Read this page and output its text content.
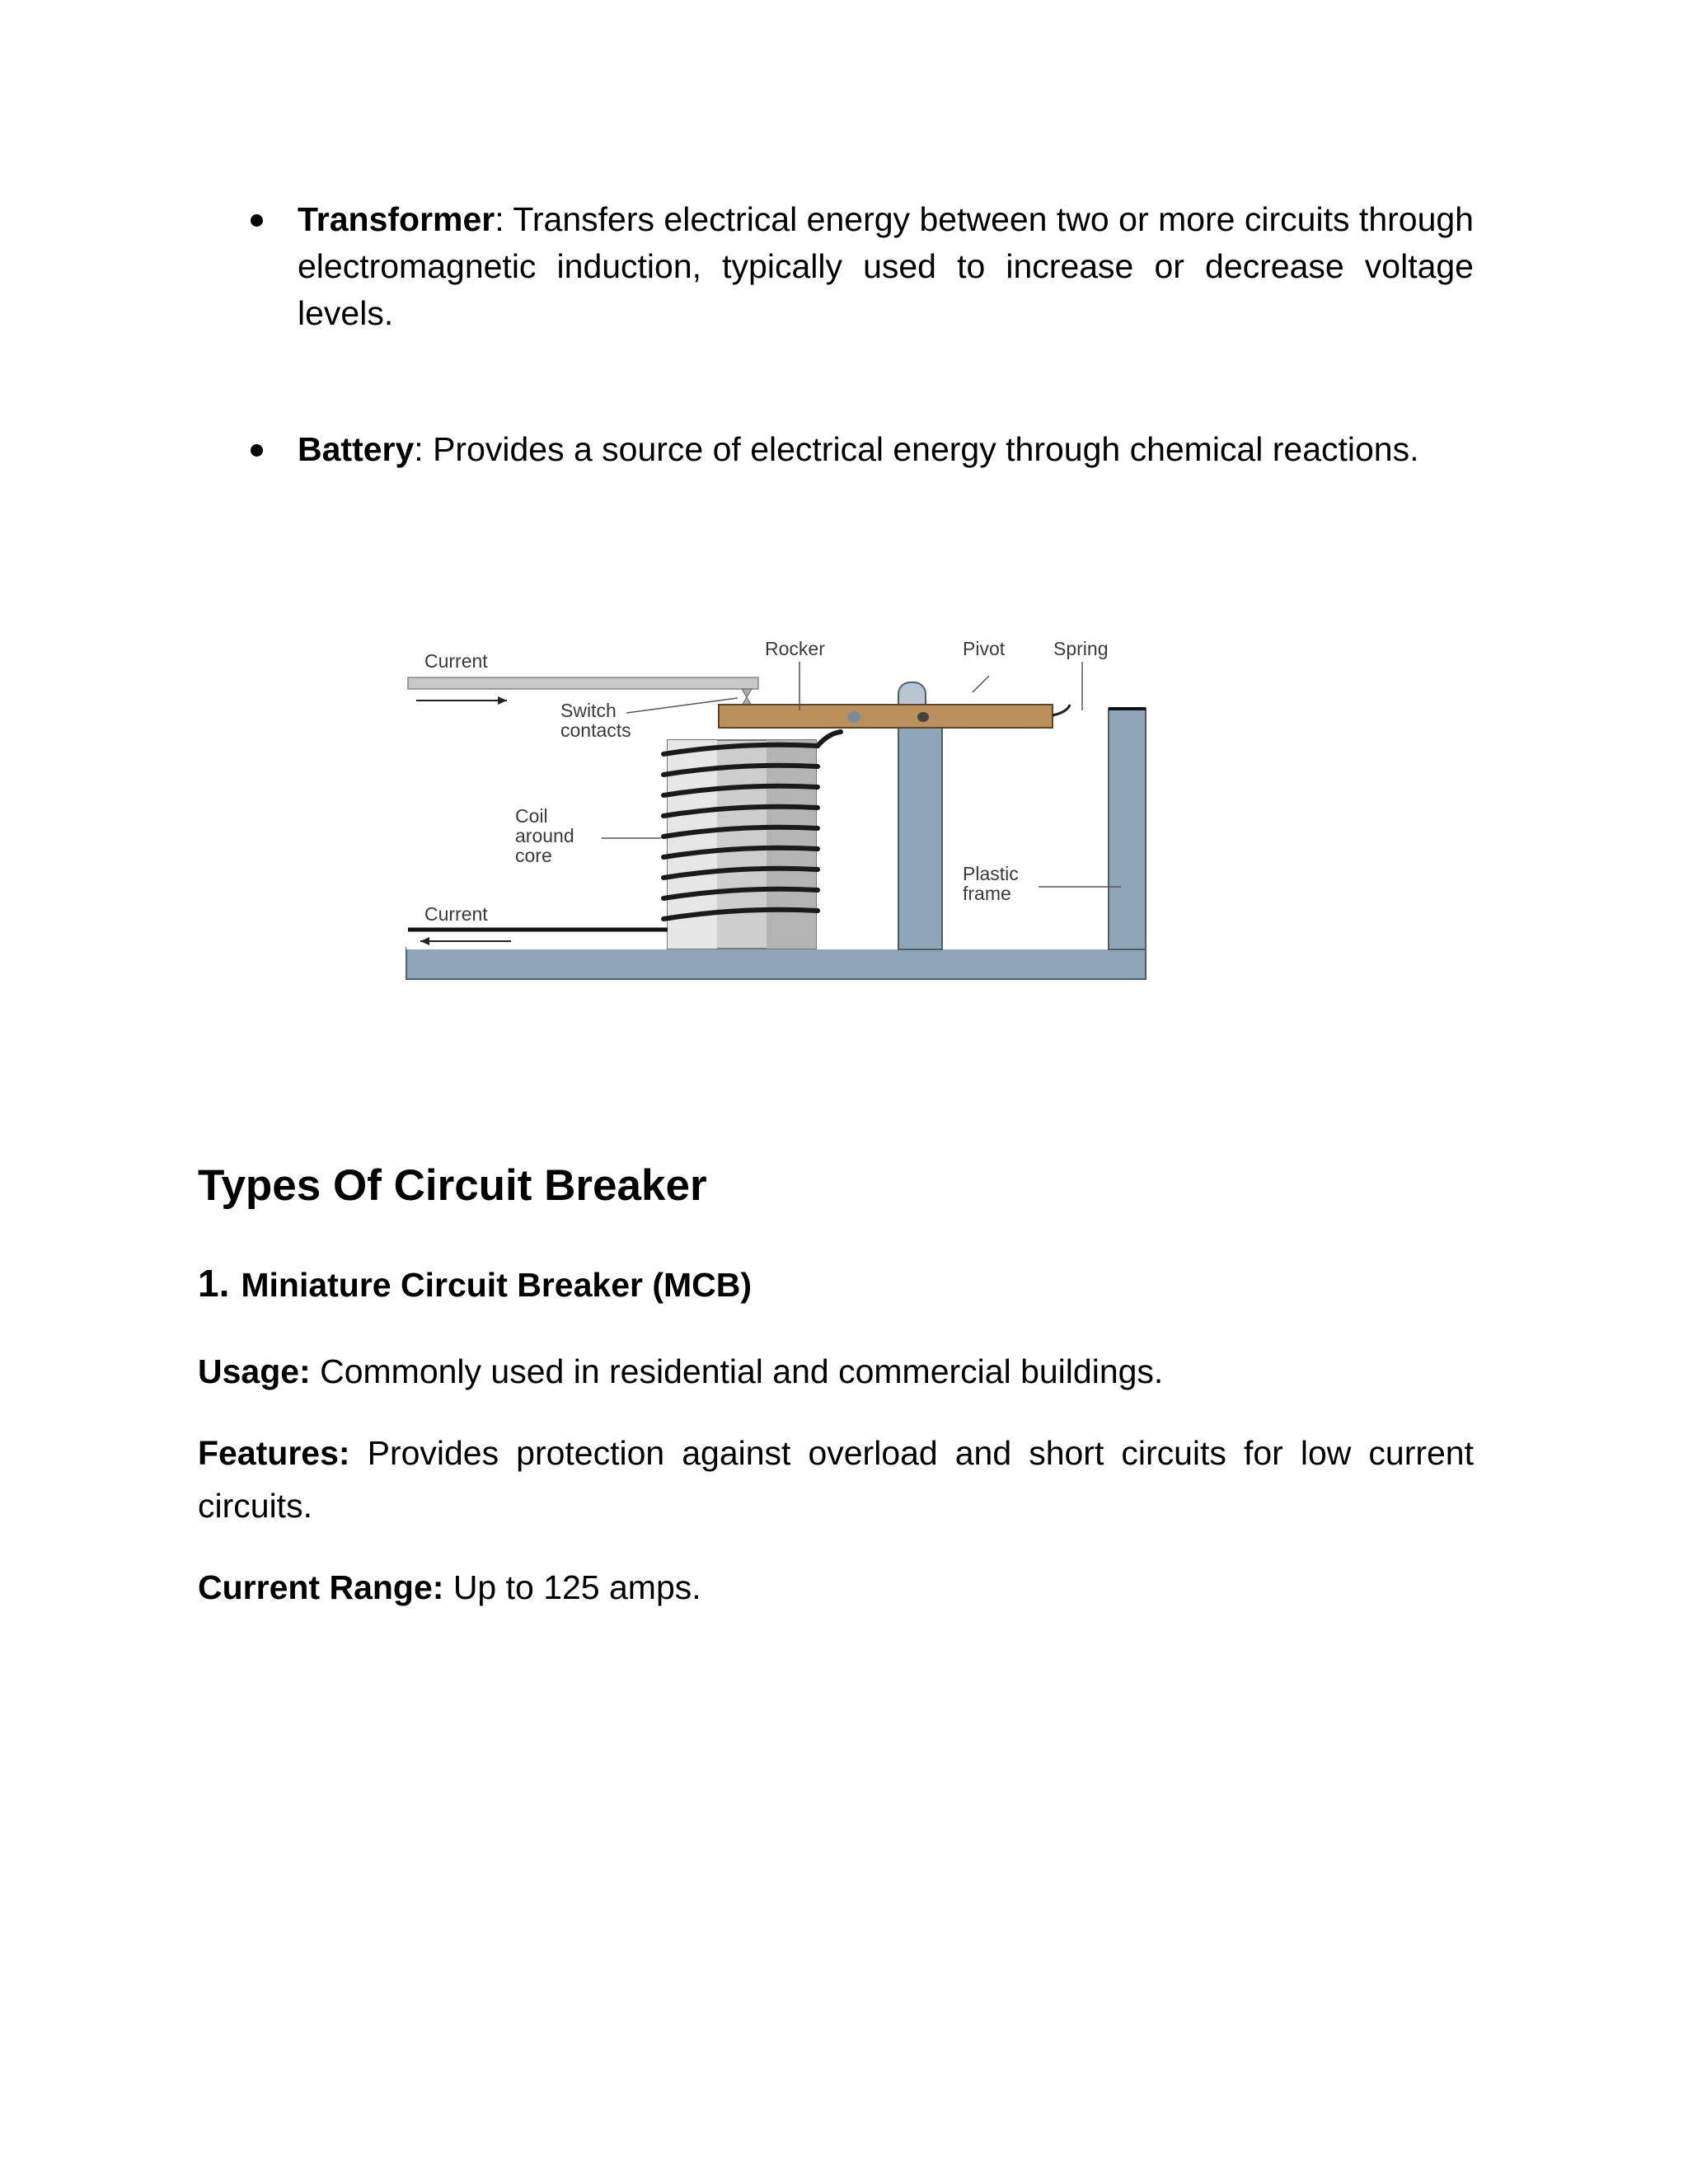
Transformer: Transfers electrical energy between two or more circuits through electromagnetic induction, typically used to increase or decrease voltage levels.
Battery: Provides a source of electrical energy through chemical reactions.
Current
Current
Rocker	Pivot	Spring
Switch
contacts
Coil
around
core
Plastic
frame
Types Of Circuit Breaker
1. Miniature Circuit Breaker (MCB)

Usage: Commonly used in residential and commercial buildings.

Features: Provides protection against overload and short circuits for low current circuits.

Current Range: Up to 125 amps.
